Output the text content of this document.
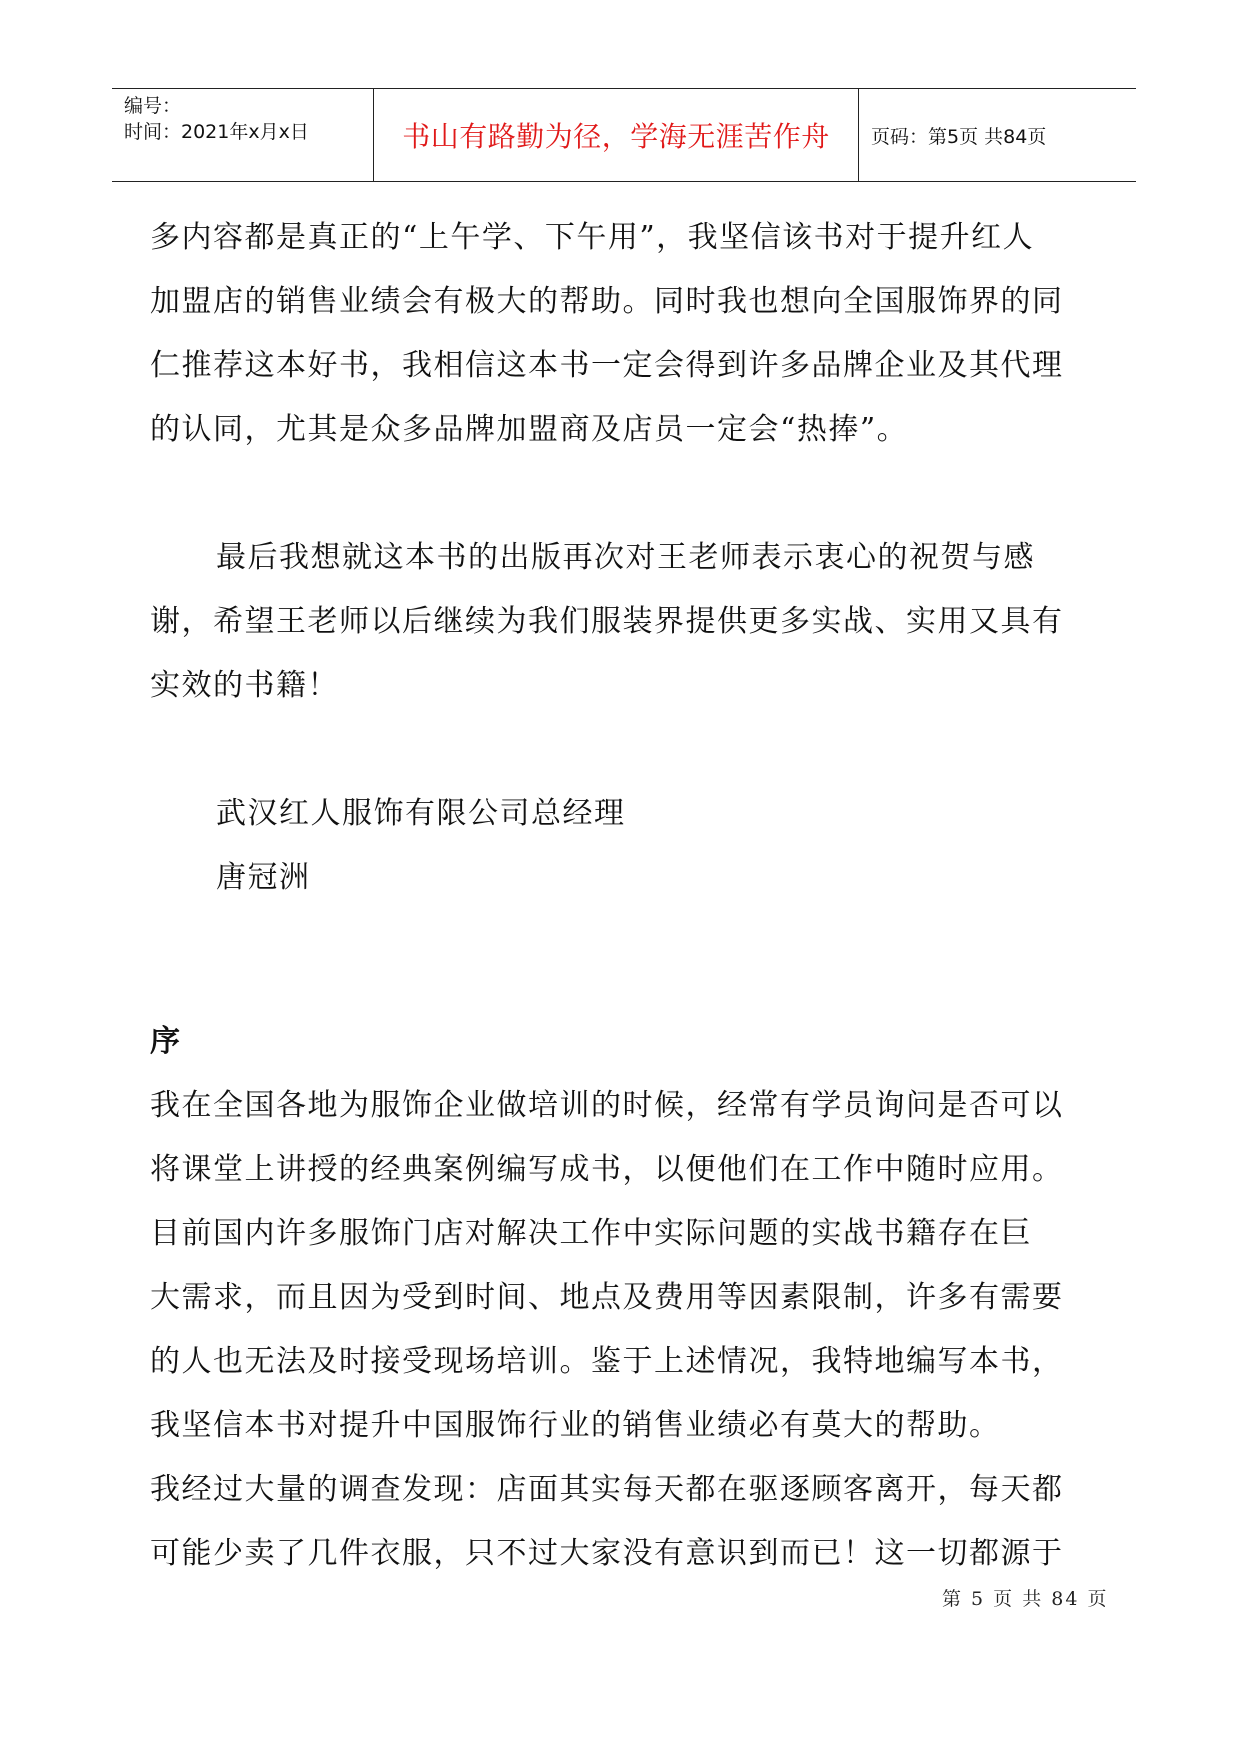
编号：
时间：2021年x月x日	书山有路勤为径，学海无涯苦作舟	页码：第5页 共84页

多内容都是真正的“上午学、下午用”，我坚信该书对于提升红人

加盟店的销售业绩会有极大的帮助。同时我也想向全国服饰界的同

仁推荐这本好书，我相信这本书一定会得到许多品牌企业及其代理

的认同，尤其是众多品牌加盟商及店员一定会“热捧”。

最后我想就这本书的出版再次对王老师表示衷心的祝贺与感

谢，希望王老师以后继续为我们服装界提供更多实战、实用又具有

实效的书籍！

武汉红人服饰有限公司总经理
唐冠洲
序

我在全国各地为服饰企业做培训的时候，经常有学员询问是否可以

将课堂上讲授的经典案例编写成书，以便他们在工作中随时应用。

目前国内许多服饰门店对解决工作中实际问题的实战书籍存在巨

大需求，而且因为受到时间、地点及费用等因素限制，许多有需要

的人也无法及时接受现场培训。鉴于上述情况，我特地编写本书，

我坚信本书对提升中国服饰行业的销售业绩必有莫大的帮助。

我经过大量的调查发现：店面其实每天都在驱逐顾客离开，每天都

可能少卖了几件衣服，只不过大家没有意识到而已！这一切都源于

第 5 页 共 84 页
